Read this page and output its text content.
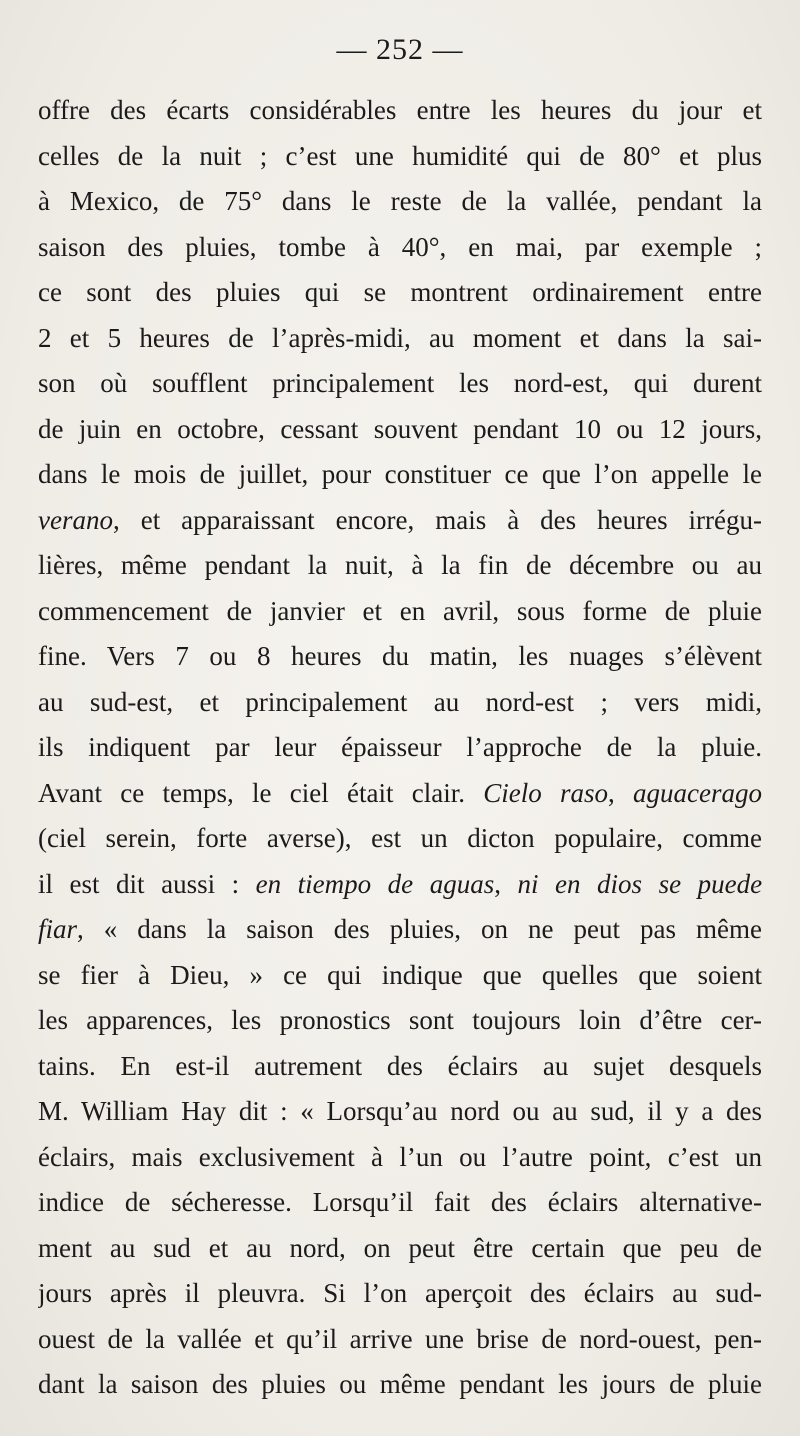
— 252 —
offre des écarts considérables entre les heures du jour et
celles de la nuit ; c’est une humidité qui de 80° et plus
à Mexico, de 75° dans le reste de la vallée, pendant la
saison des pluies, tombe à 40°, en mai, par exemple ;
ce sont des pluies qui se montrent ordinairement entre
2 et 5 heures de l’après-midi, au moment et dans la sai-
son où soufflent principalement les nord-est, qui durent
de juin en octobre, cessant souvent pendant 10 ou 12 jours,
dans le mois de juillet, pour constituer ce que l’on appelle le
verano, et apparaissant encore, mais à des heures irrégu-
lières, même pendant la nuit, à la fin de décembre ou au
commencement de janvier et en avril, sous forme de pluie
fine. Vers 7 ou 8 heures du matin, les nuages s’élèvent
au sud-est, et principalement au nord-est ; vers midi,
ils indiquent par leur épaisseur l’approche de la pluie.
Avant ce temps, le ciel était clair. Cielo raso, aguacerago
(ciel serein, forte averse), est un dicton populaire, comme
il est dit aussi : en tiempo de aguas, ni en dios se puede
fiar, « dans la saison des pluies, on ne peut pas même
se fier à Dieu, » ce qui indique que quelles que soient
les apparences, les pronostics sont toujours loin d’être cer-
tains. En est-il autrement des éclairs au sujet desquels
M. William Hay dit : « Lorsqu’au nord ou au sud, il y a des
éclairs, mais exclusivement à l’un ou l’autre point, c’est un
indice de sécheresse. Lorsqu’il fait des éclairs alternative-
ment au sud et au nord, on peut être certain que peu de
jours après il pleuvra. Si l’on aperçoit des éclairs au sud-
ouest de la vallée et qu’il arrive une brise de nord-ouest, pen-
dant la saison des pluies ou même pendant les jours de pluie
